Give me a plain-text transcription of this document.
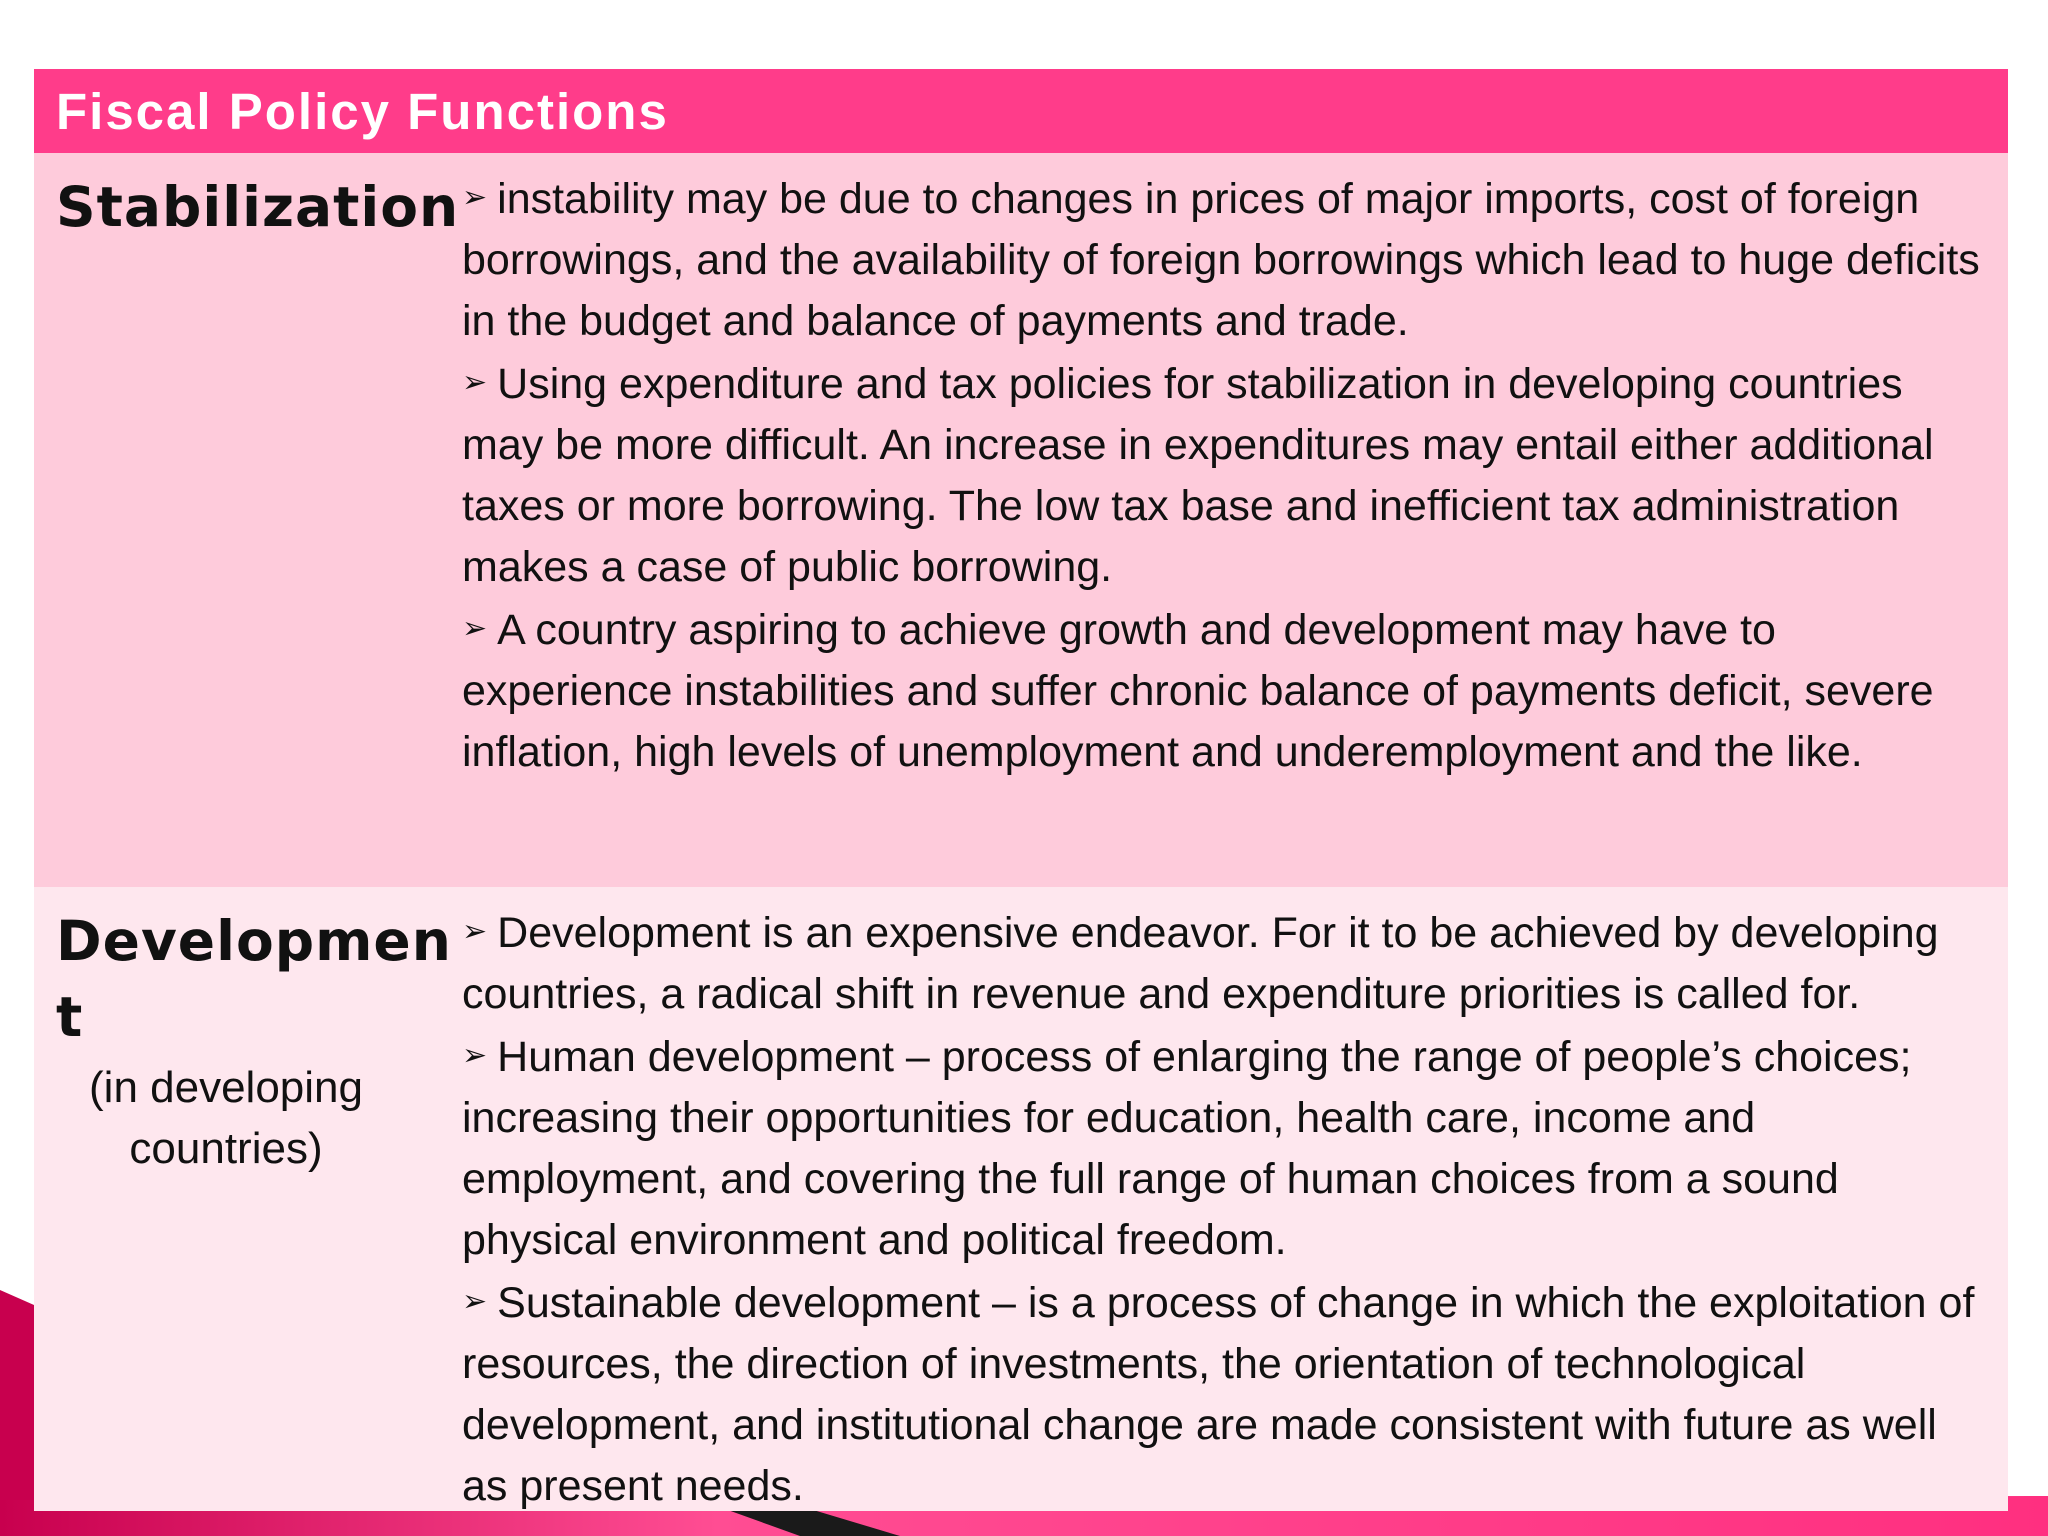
Fiscal Policy Functions
Stabilization ➢ instability may be due to changes in prices of major imports, cost of foreign borrowings, and the availability of foreign borrowings which lead to huge deficits in the budget and balance of payments and trade.

➢ Using expenditure and tax policies for stabilization in developing countries may be more difficult. An increase in expenditures may entail either additional taxes or more borrowing. The low tax base and inefficient tax administration makes a case of public borrowing.

➢ A country aspiring to achieve growth and development may have to experience instabilities and suffer chronic balance of payments deficit, severe inflation, high levels of unemployment and underemployment and the like.

Development
(in developing countries)

➢ Development is an expensive endeavor. For it to be achieved by developing countries, a radical shift in revenue and expenditure priorities is called for.

➢ Human development – process of enlarging the range of people’s choices; increasing their opportunities for education, health care, income and employment, and covering the full range of human choices from a sound physical environment and political freedom.

➢ Sustainable development – is a process of change in which the exploitation of resources, the direction of investments, the orientation of technological development, and institutional change are made consistent with future as well as present needs.
